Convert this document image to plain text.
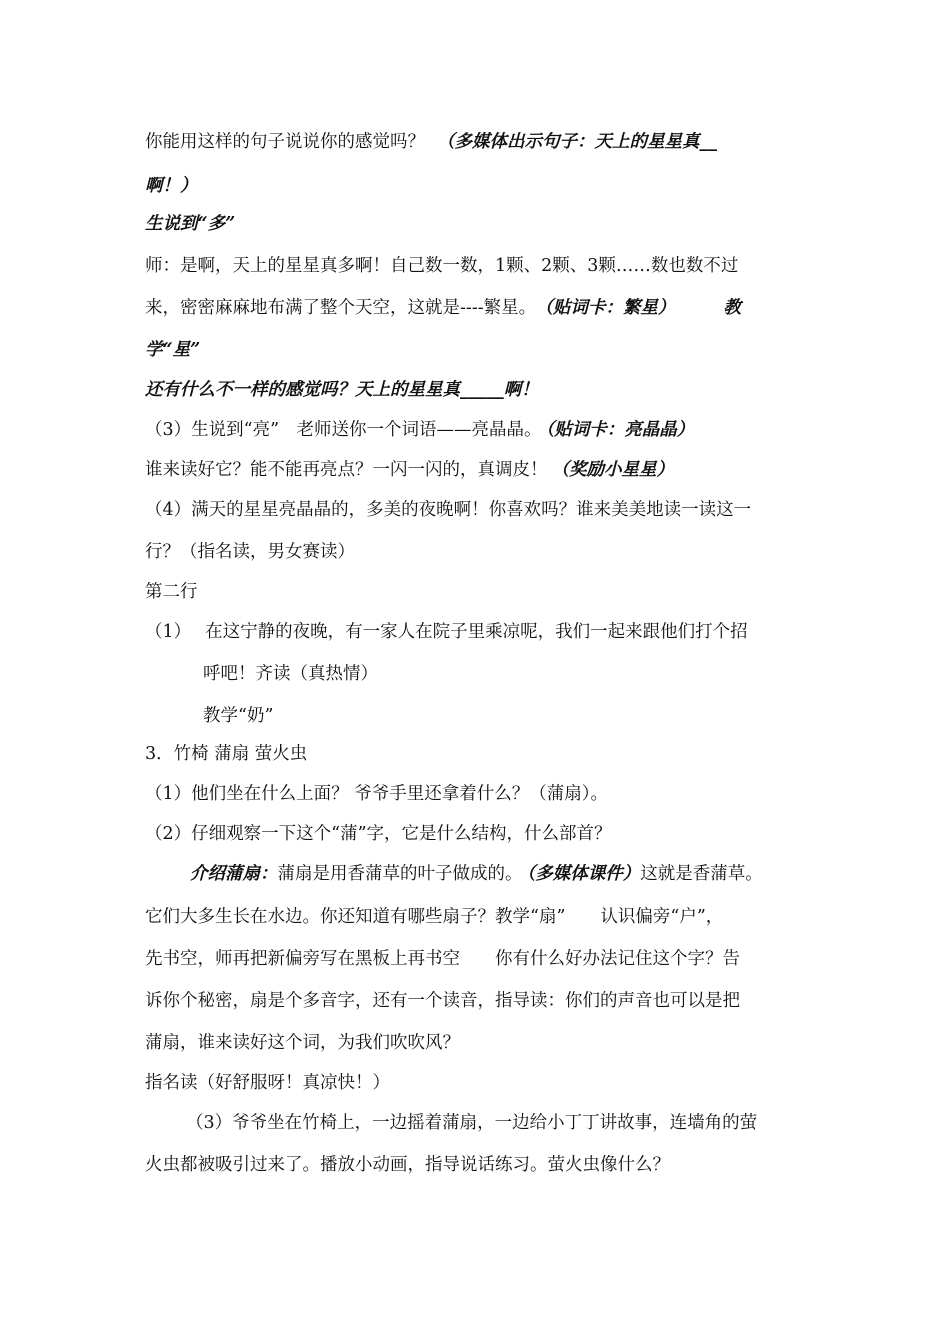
你能用这样的句子说说你的感觉吗？ （多媒体出示句子：天上的星星真__
啊！）
生说到“多”
师：是啊，天上的星星真多啊！自己数一数，1颗、2颗、3颗……数也数不过
来，密密麻麻地布满了整个天空，这就是----繁星。 （贴词卡：繁星）	教
学“星”
还有什么不一样的感觉吗？天上的星星真_____啊！
（3）生说到“亮”　老师送你一个词语——亮晶晶。 （贴词卡：亮晶晶）
谁来读好它？能不能再亮点？一闪一闪的，真调皮！ （奖励小星星）
（4）满天的星星亮晶晶的，多美的夜晚啊！你喜欢吗？谁来美美地读一读这一
行？（指名读，男女赛读）
第二行
（1） 在这宁静的夜晚，有一家人在院子里乘凉呢，我们一起来跟他们打个招
呼吧！齐读（真热情）
教学“奶”
3．竹椅 蒲扇 萤火虫
（1）他们坐在什么上面？ 爷爷手里还拿着什么？（蒲扇）。
（2）仔细观察一下这个“蒲”字，它是什么结构，什么部首？
介绍蒲扇：蒲扇是用香蒲草的叶子做成的。 （多媒体课件）这就是香蒲草。
它们大多生长在水边。你还知道有哪些扇子？教学“扇”　　认识偏旁“户”，
先书空，师再把新偏旁写在黑板上再书空　　你有什么好办法记住这个字？告
诉你个秘密，扇是个多音字，还有一个读音，指导读：你们的声音也可以是把
蒲扇，谁来读好这个词，为我们吹吹风？
指名读（好舒服呀！真凉快！）
（3）爷爷坐在竹椅上，一边摇着蒲扇，一边给小丁丁讲故事，连墙角的萤
火虫都被吸引过来了。播放小动画，指导说话练习。萤火虫像什么？
